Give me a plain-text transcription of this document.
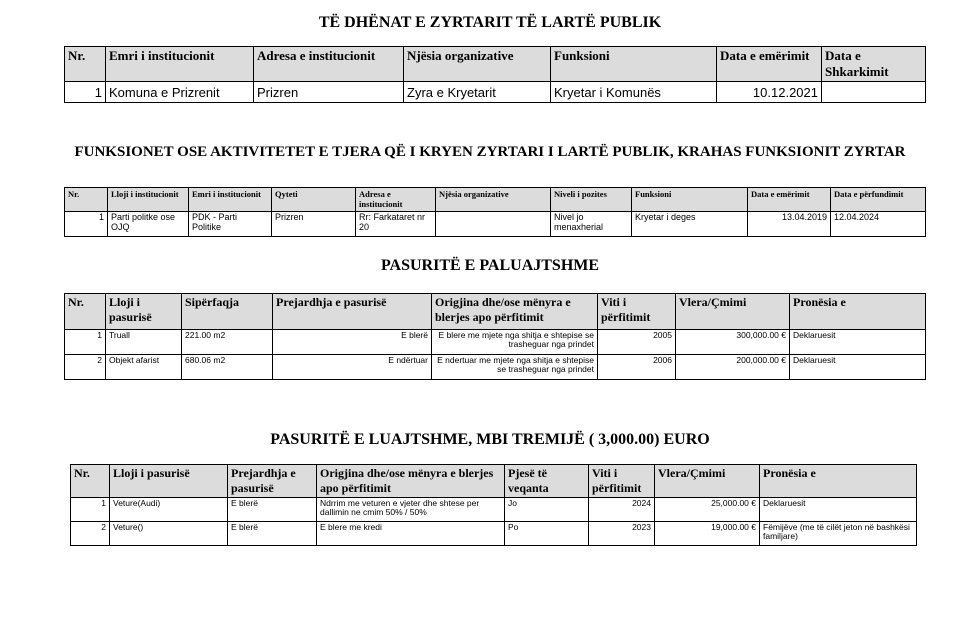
TË DHËNAT E ZYRTARIT TË LARTË PUBLIK
Nr.	Emri i institucionit	Adresa e institucionit	Njësia organizative	Funksioni	Data e emërimit	Data e Shkarkimit
1	Komuna e Prizrenit	Prizren	Zyra e Kryetarit	Kryetar i Komunës	10.12.2021	
FUNKSIONET OSE AKTIVITETET E TJERA QË I KRYEN ZYRTARI I LARTË PUBLIK, KRAHAS FUNKSIONIT ZYRTAR
Nr.	Lloji i institucionit	Emri i institucionit	Qyteti	Adresa e institucionit	Njësia organizative	Niveli i pozites	Funksioni	Data e emërimit	Data e përfundimit
1	Parti politke ose OJQ	PDK - Parti Politike	Prizren	Rr: Farkataret nr 20		Nivel jo menaxherial	Kryetar i deges	13.04.2019	12.04.2024
PASURITË E PALUAJTSHME
Nr.	Lloji i pasurisë	Sipërfaqja	Prejardhja e pasurisë	Origjina dhe/ose mënyra e blerjes apo përfitimit	Viti i përfitimit	Vlera/Çmimi	Pronësia e
1	Truall	221.00 m2	E blerë	E blere me mjete nga shitja e shtepise se trasheguar nga prindet	2005	300,000.00 €	Deklaruesit
2	Objekt afarist	680.06 m2	E ndërtuar	E ndertuar me mjete nga shitja e shtepise se trasheguar nga prindet	2006	200,000.00 €	Deklaruesit
PASURITË E LUAJTSHME, MBI TREMIJË ( 3,000.00) EURO
Nr.	Lloji i pasurisë	Prejardhja e pasurisë	Origjina dhe/ose mënyra e blerjes apo përfitimit	Pjesë të veqanta	Viti i përfitimit	Vlera/Çmimi	Pronësia e
1	Veture(Audi)	E blerë	Ndrrim me veturen e vjeter dhe shtese per dallimin ne cmim 50% / 50%	Jo	2024	25,000.00 €	Deklaruesit
2	Veture()	E blerë	E blere me kredi	Po	2023	19,000.00 €	Fëmijëve (me të cilët jeton në bashkësi familjare)
